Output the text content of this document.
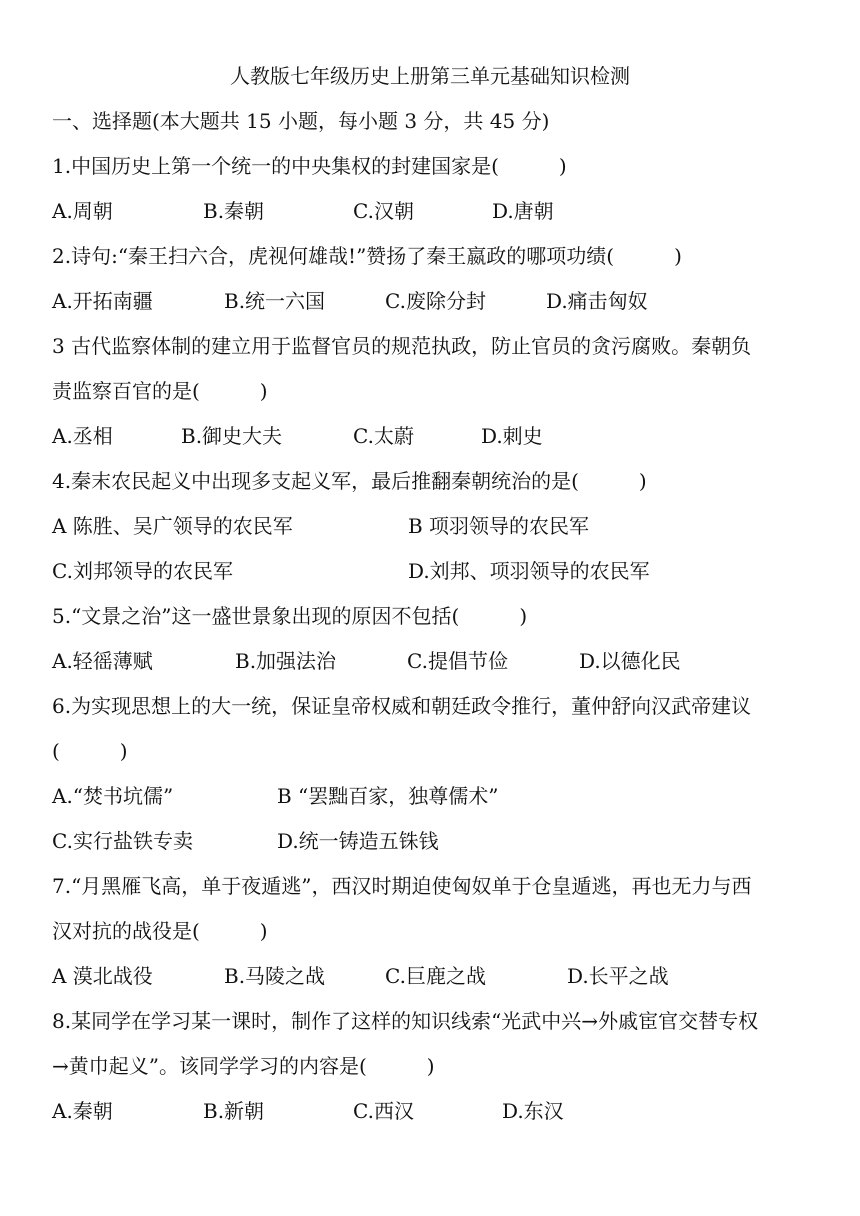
人教版七年级历史上册第三单元基础知识检测
一、选择题(本大题共 15 小题，每小题 3 分，共 45 分)
1.中国历史上第一个统一的中央集权的封建国家是(　　　)
A.周朝	B.秦朝	C.汉朝	D.唐朝
2.诗句:“秦王扫六合，虎视何雄哉!”赞扬了秦王嬴政的哪项功绩(　　　)
A.开拓南疆	B.统一六国	C.废除分封	D.痛击匈奴
3 古代监察体制的建立用于监督官员的规范执政，防止官员的贪污腐败。秦朝负
责监察百官的是(　　　)
A.丞相	B.御史大夫	C.太蔚	D.刺史
4.秦末农民起义中出现多支起义军，最后推翻秦朝统治的是(　　　)
A 陈胜、吴广领导的农民军	B 项羽领导的农民军
C.刘邦领导的农民军	D.刘邦、项羽领导的农民军
5.“文景之治”这一盛世景象出现的原因不包括(　　　)
A.轻徭薄赋	B.加强法治	C.提倡节俭	D.以德化民
6.为实现思想上的大一统，保证皇帝权威和朝廷政令推行，董仲舒向汉武帝建议
(　　　)
A.“焚书坑儒”	B “罢黜百家，独尊儒术”
C.实行盐铁专卖	D.统一铸造五铢钱
7.“月黑雁飞高，单于夜遁逃”，西汉时期迫使匈奴单于仓皇遁逃，再也无力与西
汉对抗的战役是(　　　)
A 漠北战役	B.马陵之战	C.巨鹿之战	D.长平之战
8.某同学在学习某一课时，制作了这样的知识线索“光武中兴→外戚宦官交替专权
→黄巾起义”。该同学学习的内容是(　　　)
A.秦朝	B.新朝	C.西汉	D.东汉
